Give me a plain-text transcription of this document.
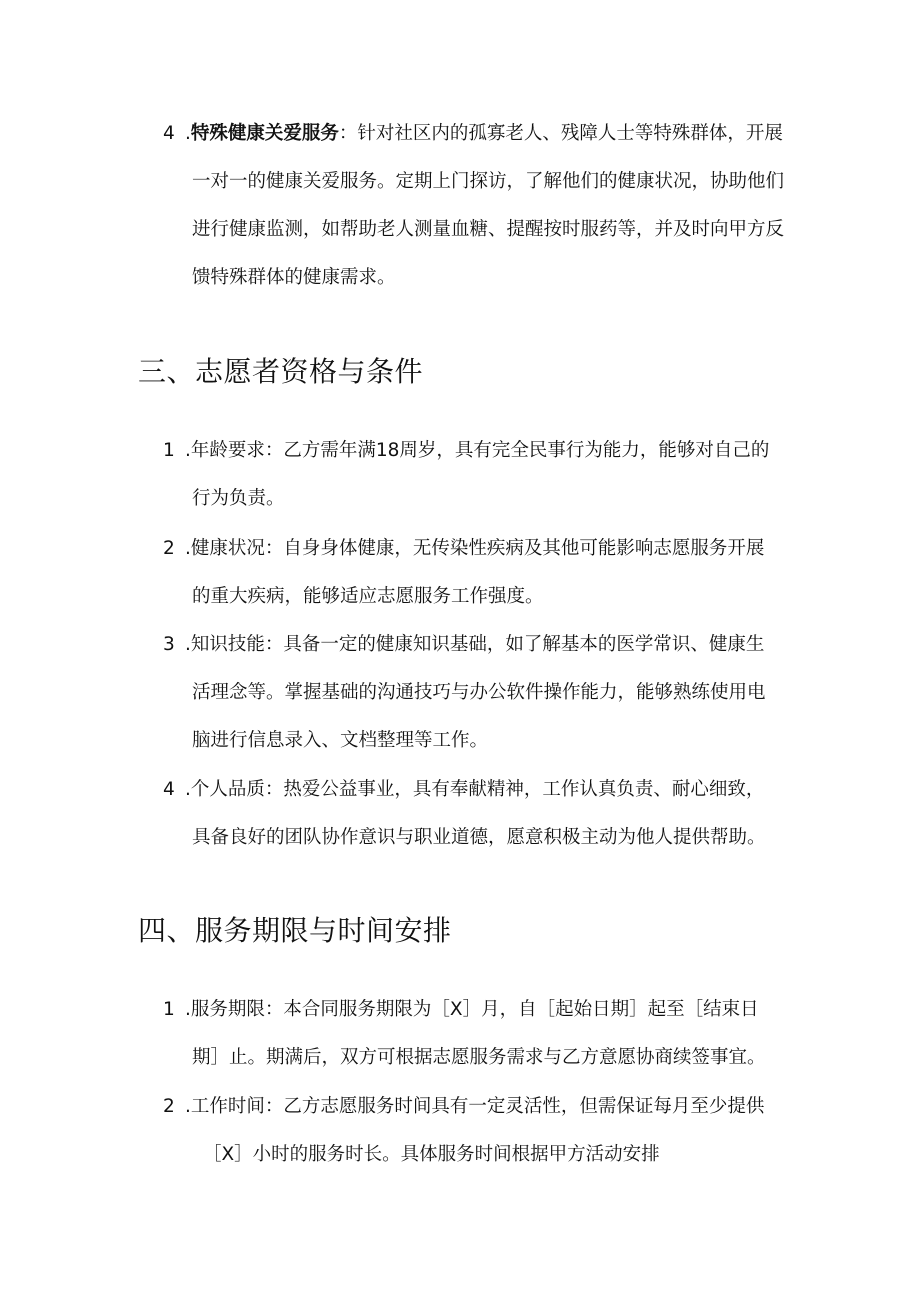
4 .特殊健康关爱服务：针对社区内的孤寡老人、残障人士等特殊群体，开展

一对一的健康关爱服务。定期上门探访，了解他们的健康状况，协助他们

进行健康监测，如帮助老人测量血糖、提醒按时服药等，并及时向甲方反

馈特殊群体的健康需求。

三、志愿者资格与条件

1 .年龄要求：乙方需年满18周岁，具有完全民事行为能力，能够对自己的

行为负责。

2 .健康状况：自身身体健康，无传染性疾病及其他可能影响志愿服务开展

的重大疾病，能够适应志愿服务工作强度。

3 .知识技能：具备一定的健康知识基础，如了解基本的医学常识、健康生

活理念等。掌握基础的沟通技巧与办公软件操作能力，能够熟练使用电

脑进行信息录入、文档整理等工作。

4 .个人品质：热爱公益事业，具有奉献精神，工作认真负责、耐心细致，

具备良好的团队协作意识与职业道德，愿意积极主动为他人提供帮助。

四、服务期限与时间安排

1 .服务期限：本合同服务期限为［X］月，自［起始日期］起至［结束日

期］止。期满后，双方可根据志愿服务需求与乙方意愿协商续签事宜。

2 .工作时间：乙方志愿服务时间具有一定灵活性，但需保证每月至少提供

［X］小时的服务时长。具体服务时间根据甲方活动安排
